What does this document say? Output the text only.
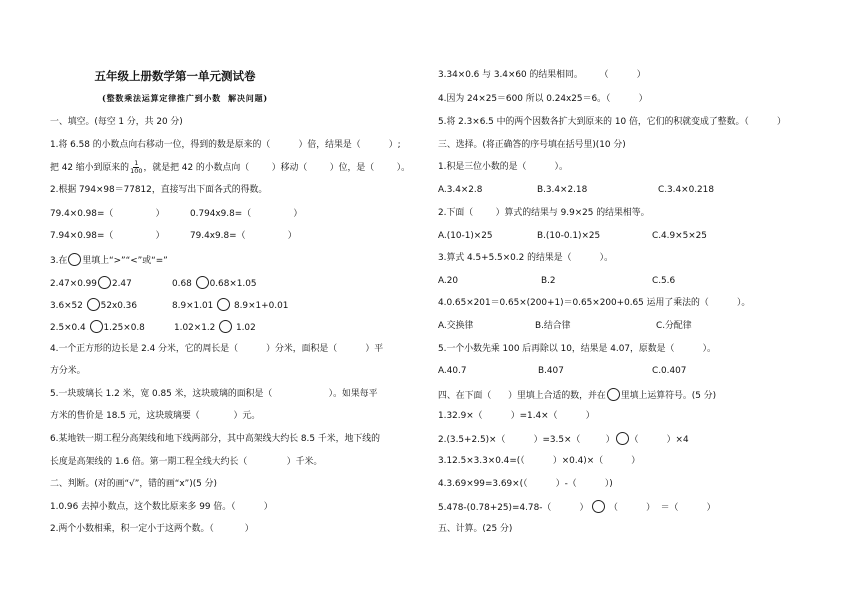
五年级上册数学第一单元测试卷
(整数乘法运算定律推广到小数  解决问题)
一、填空。(每空 1 分，共 20 分)
1.将 6.58 的小数点向右移动一位，得到的数是原来的（          ）倍，结果是（          ）;
把 42 缩小到原来的 $\frac{1}{100}$ ，就是把 42 的小数点向（        ）移动（        ）位，是（        ）。
2.根据 794×98＝77812，直接写出下面各式的得数。

79.4×0.98=（               ）

	0.794x9.8=（               ）

7.94×0.98=（               ）

	79.4x9.8=（               ）

3.在 里填上“>”“<”或“=”

2.47×0.99 2.47

	0.68 0.68×1.05

3.6×52 52x0.36

	8.9×1.01 8.9×1+0.01

2.5×0.4 1.25×0.8

	1.02×1.2 1.02

4.一个正方形的边长是 2.4 分米，它的周长是（          ）分米，面积是（          ）平
方分米。
5.一块玻璃长 1.2 米，宽 0.85 米，这块玻璃的面积是（                    ）。如果每平
方米的售价是 18.5 元，这块玻璃要（            ）元。
6.某地铁一期工程分高架线和地下线两部分，其中高架线大约长 8.5 千米，地下线的
长度是高架线的 1.6 倍。第一期工程全线大约长（              ）千米。
二、判断。(对的画“√”，错的画“x”)(5 分)
1.0.96 去掉小数点，这个数比原来多 99 倍。（          ）
2.两个小数相乘，积一定小于这两个数。（           ）
3.34×0.6 与 3.4×60 的结果相同。      （          ）
4.因为 24×25＝600 所以 0.24x25＝6。（          ）
5.将 2.3×6.5 中的两个因数各扩大到原来的 10 倍，它们的积就变成了整数。（          ）
三、选择。(将正确答的序号填在括号里)(10 分)
1.积是三位小数的是（          ）。

A.3.4×2.8

	B.3.4×2.18

	C.3.4×0.218

2.下面（        ）算式的结果与 9.9×25 的结果相等。

A.(10-1)×25

	B.(10-0.1)×25

	C.4.9×5×25

3.算式 4.5+5.5×0.2 的结果是（          ）。

A.20

	B.2

	C.5.6

4.0.65×201＝0.65×(200+1)＝0.65×200+0.65 运用了乘法的（          ）。

A.交换律

	B.结合律

	C.分配律

5.一个小数先乘 100 后再除以 10，结果是 4.07，原数是（          ）。

A.40.7

	B.407

	C.0.407

四、在下面（      ）里填上合适的数，并在 里填上运算符号。(5 分)
1.32.9×（          ）=1.4×（          ）
2.(3.5+2.5)×（          ）=3.5×（         ） （          ）×4
3.12.5×3.3×0.4=(（          ）×0.4)×（          ）
4.3.69×99=3.69×(（          ）-（          ）)
5.478-(0.78+25)=4.78-（          ） （          ）  ＝（          ）
五、计算。(25 分)
